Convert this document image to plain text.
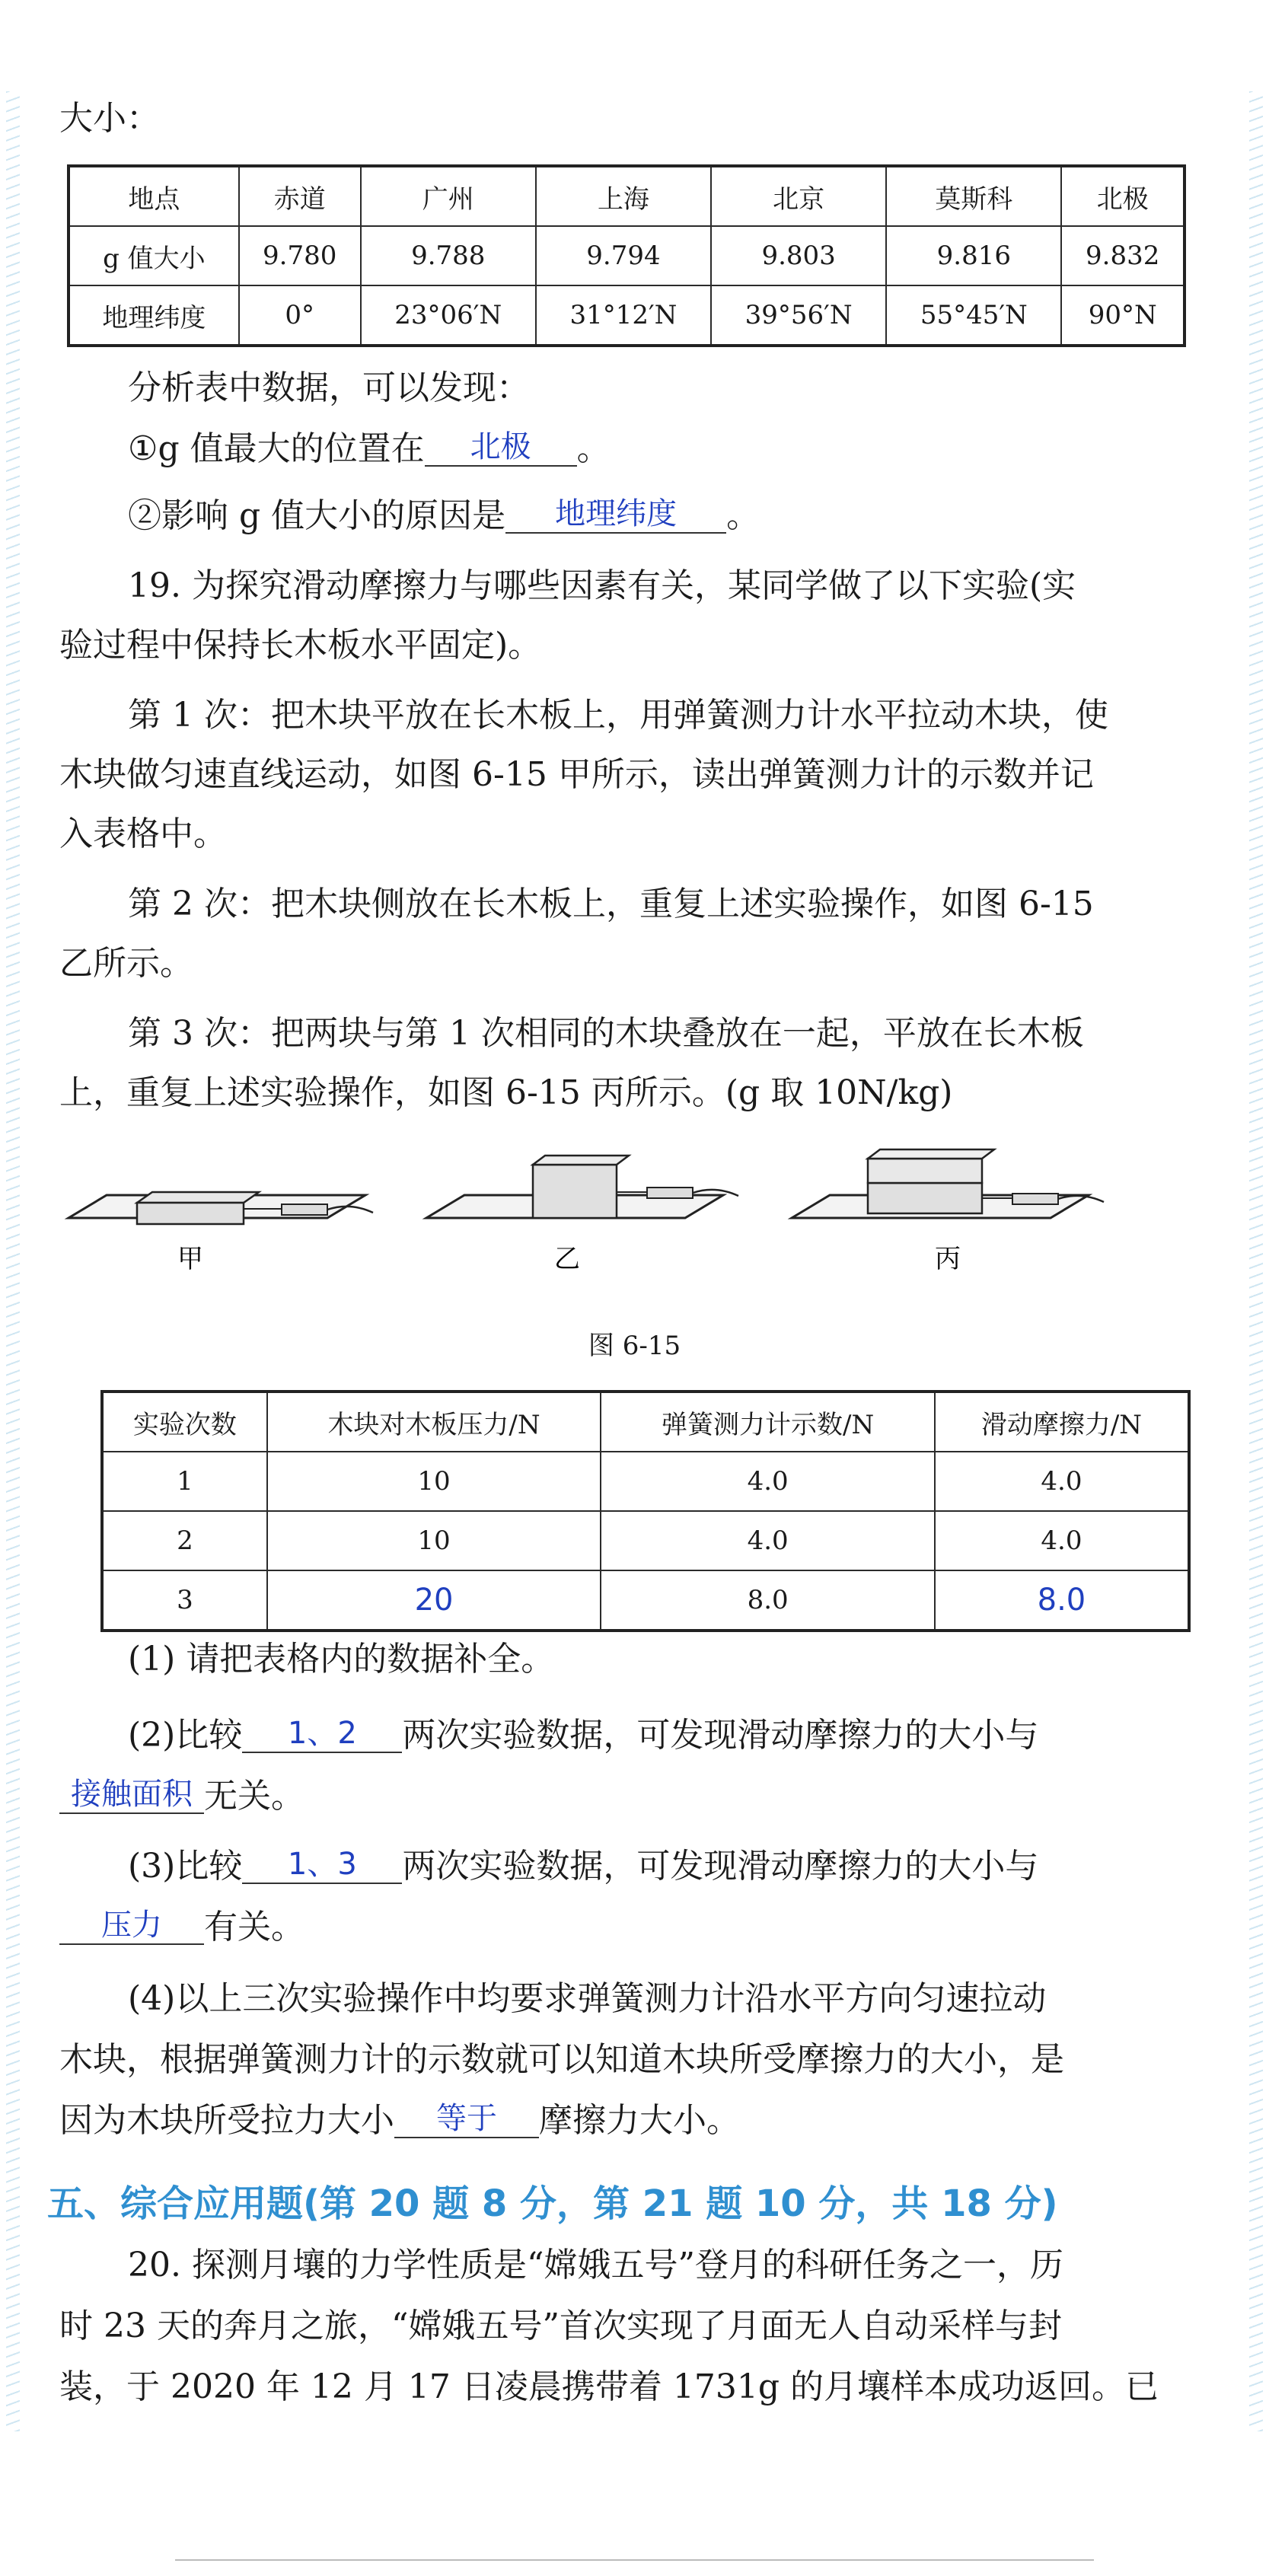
大小：
地点	赤道	广州	上海	北京	莫斯科	北极
g 值大小	9.780	9.788	9.794	9.803	9.816	9.832
地理纬度	0°	23°06′N	31°12′N	39°56′N	55°45′N	90°N
分析表中数据，可以发现：
①g 值最大的位置在 北极 。
②影响 g 值大小的原因是 地理纬度 。
19. 为探究滑动摩擦力与哪些因素有关，某同学做了以下实验(实
验过程中保持长木板水平固定)。
第 1 次：把木块平放在长木板上，用弹簧测力计水平拉动木块，使
木块做匀速直线运动，如图 6-15 甲所示，读出弹簧测力计的示数并记
入表格中。
第 2 次：把木块侧放在长木板上，重复上述实验操作，如图 6-15
乙所示。
第 3 次：把两块与第 1 次相同的木块叠放在一起，平放在长木板
上，重复上述实验操作，如图 6-15 丙所示。(g 取 10N/kg)
甲	乙	丙
图 6-15
实验次数	木块对木板压力/N	弹簧测力计示数/N	滑动摩擦力/N
1	10	4.0	4.0
2	10	4.0	4.0
3	20	8.0	8.0
(1) 请把表格内的数据补全。
(2)比较 1、2 两次实验数据，可发现滑动摩擦力的大小与
接触面积 无关。
(3)比较 1、3 两次实验数据，可发现滑动摩擦力的大小与
压力 有关。
(4)以上三次实验操作中均要求弹簧测力计沿水平方向匀速拉动
木块，根据弹簧测力计的示数就可以知道木块所受摩擦力的大小，是
因为木块所受拉力大小 等于 摩擦力大小。
五、综合应用题(第 20 题 8 分，第 21 题 10 分，共 18 分)
20. 探测月壤的力学性质是“嫦娥五号”登月的科研任务之一，历
时 23 天的奔月之旅，“嫦娥五号”首次实现了月面无人自动采样与封
装，于 2020 年 12 月 17 日凌晨携带着 1731g 的月壤样本成功返回。已
